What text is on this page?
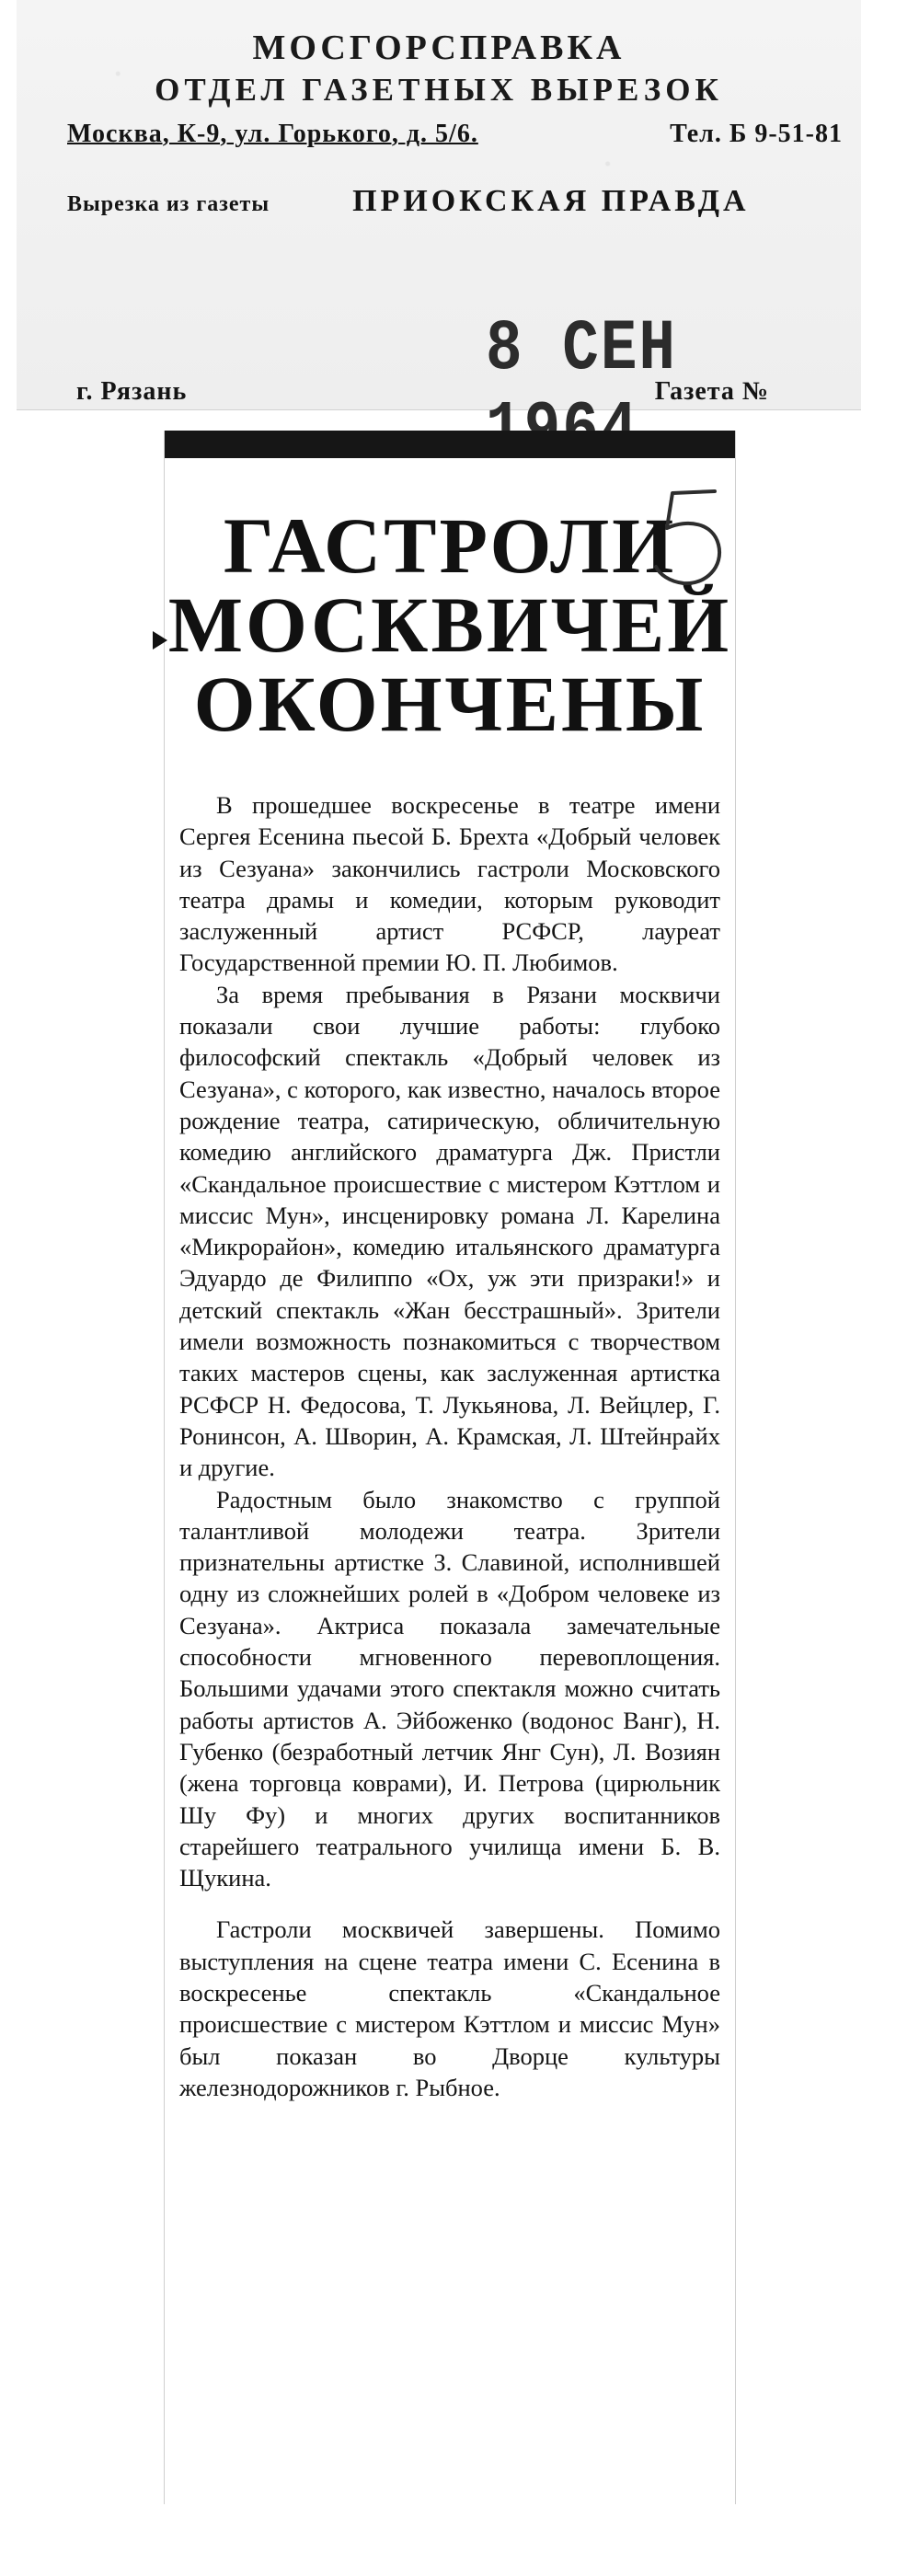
МОСГОРСПРАВКА
ОТДЕЛ ГАЗЕТНЫХ ВЫРЕЗОК
Москва, К-9, ул. Горького, д. 5/6.	Тел. Б 9-51-81
Вырезка из газеты	ПРИОКСКАЯ ПРАВДА
8 СЕН
г. Рязань	Газета №
ГАСТРОЛИ
МОСКВИЧЕЙ
ОКОНЧЕНЫ

В прошедшее воскресенье в театре имени Сергея Есенина пьесой Б. Брехта «Добрый человек из Сезуана» закончились гастроли Московского театра драмы и комедии, которым руководит заслуженный артист РСФСР, лауреат Государственной премии Ю. П. Любимов.

За время пребывания в Рязани москвичи показали свои лучшие работы: глубоко философский спектакль «Добрый человек из Сезуана», с которого, как известно, началось второе рождение театра, сатирическую, обличительную комедию английского драматурга Дж. Пристли «Скандальное происшествие с мистером Кэттлом и миссис Мун», инсценировку романа Л. Карелина «Микрорайон», комедию итальянского драматурга Эдуардо де Филиппо «Ох, уж эти призраки!» и детский спектакль «Жан бесстрашный». Зрители имели возможность познакомиться с творчеством таких мастеров сцены, как заслуженная артистка РСФСР Н. Федосова, Т. Лукьянова, Л. Вейцлер, Г. Ронинсон, А. Шворин, А. Крамская, Л. Штейнрайх и другие.

Радостным было знакомство с группой талантливой молодежи театра. Зрители признательны артистке З. Славиной, исполнившей одну из сложнейших ролей в «Добром человеке из Сезуана». Актриса показала замечательные способности мгновенного перевоплощения. Большими удачами этого спектакля можно считать работы артистов А. Эйбоженко (водонос Ванг), Н. Губенко (безработный летчик Янг Сун), Л. Возиян (жена торговца коврами), И. Петрова (цирюльник Шу Фу) и многих других воспитанников старейшего театрального училища имени Б. В. Щукина.

Гастроли москвичей завершены. Помимо выступления на сцене театра имени С. Есенина в воскресенье спектакль «Скандальное происшествие с мистером Кэттлом и миссис Мун» был показан во Дворце культуры железнодорожников г. Рыбное.
